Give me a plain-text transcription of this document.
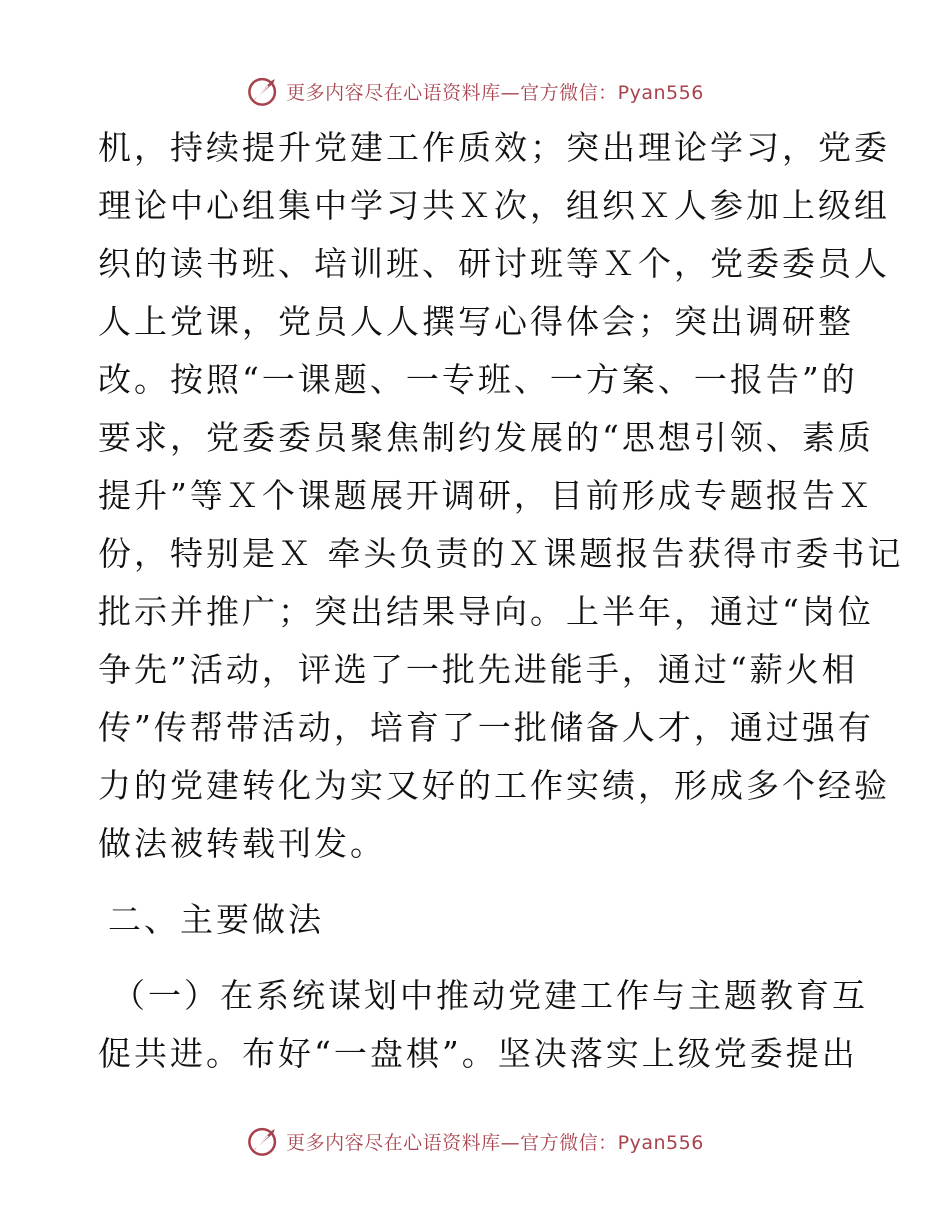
更多内容尽在心语资料库—官方微信：Pyan556
机，持续提升党建工作质效；突出理论学习，党委
理论中心组集中学习共Ｘ次，组织Ｘ人参加上级组
织的读书班、培训班、研讨班等Ｘ个，党委委员人
人上党课，党员人人撰写心得体会；突出调研整
改。按照“一课题、一专班、一方案、一报告”的
要求，党委委员聚焦制约发展的“思想引领、素质
提升”等Ｘ个课题展开调研，目前形成专题报告Ｘ
份，特别是Ｘ 牵头负责的Ｘ课题报告获得市委书记
批示并推广；突出结果导向。上半年，通过“岗位
争先”活动，评选了一批先进能手，通过“薪火相
传”传帮带活动，培育了一批储备人才，通过强有
力的党建转化为实又好的工作实绩，形成多个经验
做法被转载刊发。
二、主要做法
（一）在系统谋划中推动党建工作与主题教育互
促共进。布好“一盘棋”。坚决落实上级党委提出
更多内容尽在心语资料库—官方微信：Pyan556
